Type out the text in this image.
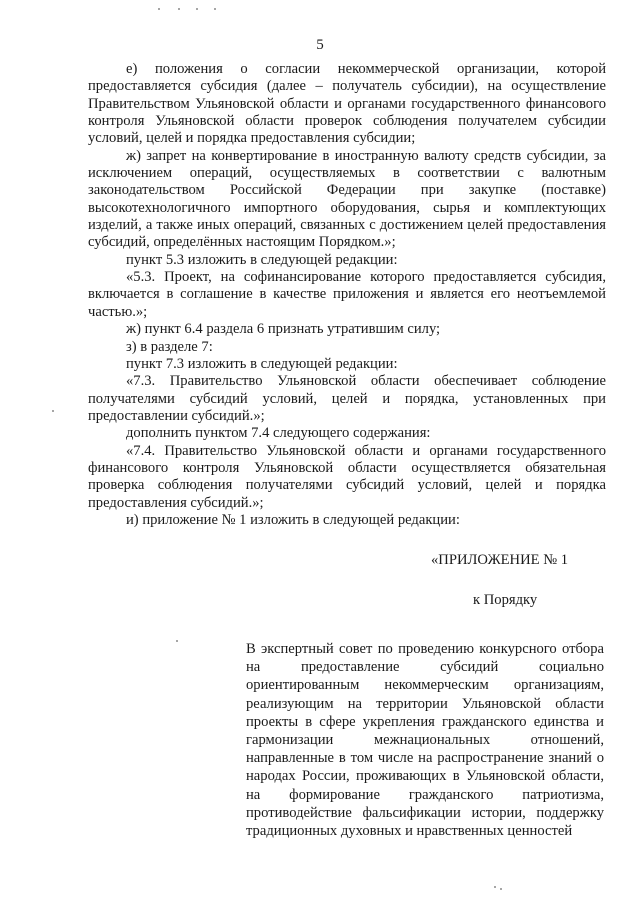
5

е) положения о согласии некоммерческой организации, которой предоставляется субсидия (далее – получатель субсидии), на осуществление Правительством Ульяновской области и органами государственного финансового контроля Ульяновской области проверок соблюдения получателем субсидии условий, целей и порядка предоставления субсидии;

ж) запрет на конвертирование в иностранную валюту средств субсидии, за исключением операций, осуществляемых в соответствии с валютным законодательством Российской Федерации при закупке (поставке) высокотехнологичного импортного оборудования, сырья и комплектующих изделий, а также иных операций, связанных с достижением целей предоставления субсидий, определённых настоящим Порядком.»;

пункт 5.3 изложить в следующей редакции:

«5.3. Проект, на софинансирование которого предоставляется субсидия, включается в соглашение в качестве приложения и является его неотъемлемой частью.»;

ж) пункт 6.4 раздела 6 признать утратившим силу;

з) в разделе 7:

пункт 7.3 изложить в следующей редакции:

«7.3. Правительство Ульяновской области обеспечивает соблюдение получателями субсидий условий, целей и порядка, установленных при предоставлении субсидий.»;

дополнить пунктом 7.4 следующего содержания:

«7.4. Правительство Ульяновской области и органами государственного финансового контроля Ульяновской области осуществляется обязательная проверка соблюдения получателями субсидий условий, целей и порядка предоставления субсидий.»;

и) приложение № 1 изложить в следующей редакции:

«ПРИЛОЖЕНИЕ № 1
к Порядку

В экспертный совет по проведению конкурсного отбора на предоставление субсидий социально ориентированным некоммерческим организациям, реализующим на территории Ульяновской области проекты в сфере укрепления гражданского единства и гармонизации межнациональных отношений, направленные в том числе на распространение знаний о народах России, проживающих в Ульяновской области, на формирование гражданского патриотизма, противодействие фальсификации истории, поддержку традиционных духовных и нравственных ценностей
